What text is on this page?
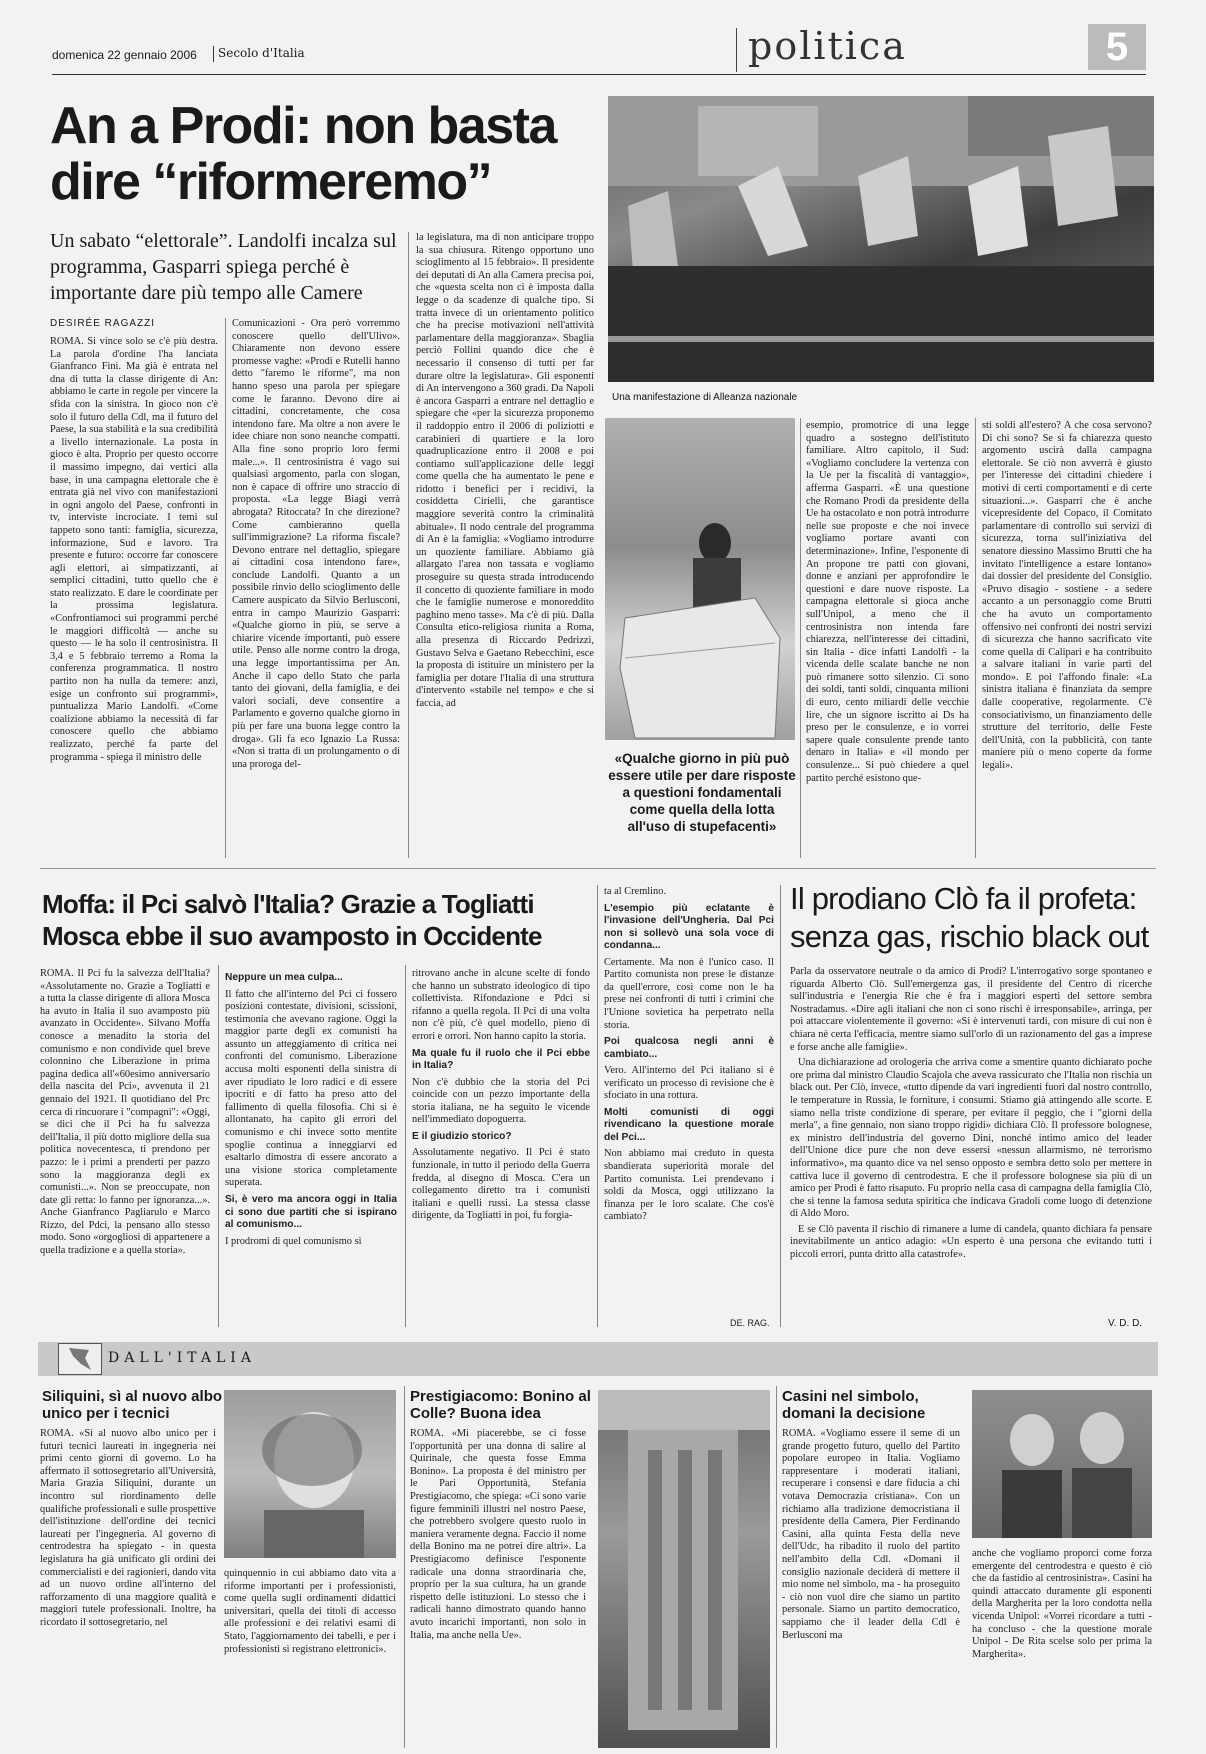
domenica 22 gennaio 2006 Secolo d'Italia	politica	5
An a Prodi: non basta
dire “riformeremo”
Un sabato “elettorale”. Landolfi incalza sul programma, Gasparri spiega perché è importante dare più tempo alle Camere
DESIRÉE RAGAZZI
ROMA. Si vince solo se c'è più destra. La parola d'ordine l'ha lanciata Gianfranco Fini. Ma già è entrata nel dna di tutta la classe dirigente di An: abbiamo le carte in regole per vincere la sfida con la sinistra. In gioco non c'è solo il futuro della Cdl, ma il futuro del Paese, la sua stabilità e la sua credibilità a livello internazionale. La posta in gioco è alta. Proprio per questo occorre il massimo impegno, dai vertici alla base, in una campagna elettorale che è entrata già nel vivo con manifestazioni in ogni angolo del Paese, confronti in tv, interviste incrociate. I temi sul tappeto sono tanti: famiglia, sicurezza, informazione, Sud e lavoro. Tra presente e futuro: occorre far conoscere agli elettori, ai simpatizzanti, ai semplici cittadini, tutto quello che è stato realizzato. E dare le coordinate per la prossima legislatura. «Confrontiamoci sui programmi perché le maggiori difficoltà — anche su questo — le ha solo il centrosinistra. Il 3,4 e 5 febbraio terremo a Roma la conferenza programmatica. Il nostro partito non ha nulla da temere: anzi, esige un confronto sui programmi», puntualizza Mario Landolfi. «Come coalizione abbiamo la necessità di far conoscere quello che abbiamo realizzato, perché fa parte del programma - spiega il ministro delle
Comunicazioni - Ora però vorremmo conoscere quello dell'Ulivo». Chiaramente non devono essere promesse vaghe: «Prodi e Rutelli hanno detto "faremo le riforme", ma non hanno speso una parola per spiegare come le faranno. Devono dire ai cittadini, concretamente, che cosa intendono fare. Ma oltre a non avere le idee chiare non sono neanche compatti. Alla fine sono proprio loro fermi male...». Il centrosinistra è vago sui qualsiasi argomento, parla con slogan, non è capace di offrire uno straccio di proposta. «La legge Biagi verrà abrogata? Ritoccata? In che direzione? Come cambieranno quella sull'immigrazione? La riforma fiscale? Devono entrare nel dettaglio, spiegare ai cittadini cosa intendono fare», conclude Landolfi. Quanto a un possibile rinvio dello scioglimento delle Camere auspicato da Silvio Berlusconi, entra in campo Maurizio Gasparri: «Qualche giorno in più, se serve a chiarire vicende importanti, può essere utile. Penso alle norme contro la droga, una legge importantissima per An. Anche il capo dello Stato che parla tanto dei giovani, della famiglia, e dei valori sociali, deve consentire a Parlamento e governo qualche giorno in più per fare una buona legge contro la droga». Gli fa eco Ignazio La Russa: «Non si tratta di un prolungamento o di una proroga del-
la legislatura, ma di non anticipare troppo la sua chiusura. Ritengo opportuno uno scioglimento al 15 febbraio». Il presidente dei deputati di An alla Camera precisa poi, che «questa scelta non ci è imposta dalla legge o da scadenze di qualche tipo. Si tratta invece di un orientamento politico che ha precise motivazioni nell'attività parlamentare della maggioranza». Sbaglia perciò Follini quando dice che è necessario il consenso di tutti per far durare oltre la legislatura». Gli esponenti di An intervengono a 360 gradi. Da Napoli è ancora Gasparri a entrare nel dettaglio e spiegare che «per la sicurezza proponemo il raddoppio entro il 2006 di poliziotti e carabinieri di quartiere e la loro quadruplicazione entro il 2008 e poi contiamo sull'applicazione delle leggi come quella che ha aumentato le pene e ridotto i benefici per i recidivi, la cosiddetta Cirielli, che garantisce maggiore severità contro la criminalità abituale». Il nodo centrale del programma di An è la famiglia: «Vogliamo introdurre un quoziente familiare. Abbiamo già allargato l'area non tassata e vogliamo proseguire su questa strada introducendo il concetto di quoziente familiare in modo che le famiglie numerose e monoreddito paghino meno tasse». Ma c'è di più. Dalla Consulta etico-religiosa riunita a Roma, alla presenza di Riccardo Pedrizzi, Gustavo Selva e Gaetano Rebecchini, esce la proposta di istituire un ministero per la famiglia per dotare l'Italia di una struttura d'intervento «stabile nel tempo» e che si faccia, ad
Una manifestazione di Alleanza nazionale
«Qualche giorno in più può essere utile per dare risposte a questioni fondamentali come quella della lotta all'uso di stupefacenti»
esempio, promotrice di una legge quadro a sostegno dell'istituto familiare. Altro capitolo, il Sud: «Vogliamo concludere la vertenza con la Ue per la fiscalità di vantaggio», afferma Gasparri. «È una questione che Romano Prodi da presidente della Ue ha ostacolato e non potrà introdurre nelle sue proposte e che noi invece vogliamo portare avanti con determinazione». Infine, l'esponente di An propone tre patti con giovani, donne e anziani per approfondire le questioni e dare nuove risposte. La campagna elettorale si gioca anche sull'Unipol, a meno che il centrosinistra non intenda fare chiarezza, nell'interesse dei cittadini, sin Italia - dice infatti Landolfi - la vicenda delle scalate banche ne non può rimanere sotto silenzio. Ci sono dei soldi, tanti soldi, cinquanta milioni di euro, cento miliardi delle vecchie lire, che un signore iscritto ai Ds ha preso per le consulenze, e io vorrei sapere quale consulente prende tanto denaro in Italia» e «il mondo per consulenze... Si può chiedere a quel partito perché esistono que-
sti soldi all'estero? A che cosa servono? Di chi sono? Se si fa chiarezza questo argomento uscirà dalla campagna elettorale. Se ciò non avverrà è giusto per l'interesse dei cittadini chiedere i motivi di certi comportamenti e di certe situazioni...». Gasparri che è anche vicepresidente del Copaco, il Comitato parlamentare di controllo sui servizi di sicurezza, torna sull'iniziativa del senatore diessino Massimo Brutti che ha invitato l'intelligence a estare lontano» dai dossier del presidente del Consiglio. «Pruvo disagio - sostiene - a sedere accanto a un personaggio come Brutti che ha avuto un comportamento offensivo nei confronti dei nostri servizi di sicurezza che hanno sacrificato vite come quella di Calipari e ha contribuito a salvare italiani in varie parti del mondo». E poi l'affondo finale: «La sinistra italiana è finanziata da sempre dalle cooperative, regolarmente. C'è consociativismo, un finanziamento delle strutture del territorio, delle Feste dell'Unità, con la pubblicità, con tante maniere più o meno coperte da forme legali».
Moffa: il Pci salvò l'Italia? Grazie a Togliatti
Mosca ebbe il suo avamposto in Occidente
ROMA. Il Pci fu la salvezza dell'Italia? «Assolutamente no. Grazie a Togliatti e a tutta la classe dirigente di allora Mosca ha avuto in Italia il suo avamposto più avanzato in Occidente». Silvano Moffa conosce a menadito la storia del comunismo e non condivide quel breve colonnino che Liberazione in prima pagina dedica all'«60esimo anniversario della nascita del Pci», avvenuta il 21 gennaio del 1921. Il quotidiano del Prc cerca di rincuorare i "compagni": «Oggi, se dici che il Pci ha fu salvezza dell'Italia, il più dotto migliore della sua politica novecentesca, ti prendono per pazzo: le i primi a prenderti per pazzo sono la maggioranza degli ex comunisti...». Non se preoccupate, non date gli retta: lo fanno per ignoranza...». Anche Gianfranco Pagliarulo e Marco Rizzo, del Pdci, la pensano allo stesso modo. Sono «orgogliosi di appartenere a quella tradizione e a quella storia».
Neppure un mea culpa...
Il fatto che all'interno del Pci ci fossero posizioni contestate, divisioni, scissioni, testimonia che avevano ragione. Oggi la maggior parte degli ex comunisti ha assunto un atteggiamento di critica nei confronti del comunismo. Liberazione accusa molti esponenti della sinistra di aver ripudiato le loro radici e di essere ipocriti e di fatto ha preso atto del fallimento di quella filosofia. Chi si è allontanato, ha capito gli errori del comunismo e chi invece sotto mentite spoglie continua a inneggiarvi ed esaltarlo dimostra di essere ancorato a una visione storica completamente superata.
Si, è vero ma ancora oggi in Italia ci sono due partiti che si ispirano al comunismo...
I prodromi di quel comunismo si
ritrovano anche in alcune scelte di fondo che hanno un substrato ideologico di tipo collettivista. Rifondazione e Pdci si rifanno a quella regola. Il Pci di una volta non c'è più, c'è quel modello, pieno di errori e orrori. Non hanno capito la storia.
Ma quale fu il ruolo che il Pci ebbe in Italia?
Non c'è dubbio che la storia del Pci coincide con un pezzo importante della storia italiana, ne ha seguito le vicende nell'immediato dopoguerra.
E il giudizio storico?
Assolutamente negativo. Il Pci è stato funzionale, in tutto il periodo della Guerra fredda, al disegno di Mosca. C'era un collegamento diretto tra i comunisti italiani e quelli russi. La stessa classe dirigente, da Togliatti in poi, fu forgia-
ta al Cremlino.
L'esempio più eclatante è l'invasione dell'Ungheria. Dal Pci non si sollevò una sola voce di condanna...
Certamente. Ma non è l'unico caso. Il Partito comunista non prese le distanze da quell'errore, così come non le ha prese nei confronti di tutti i crimini che l'Unione sovietica ha perpetrato nella storia.
Poi qualcosa negli anni è cambiato...
Vero. All'interno del Pci italiano si è verificato un processo di revisione che è sfociato in una rottura.
Molti comunisti di oggi rivendicano la questione morale del Pci...
Non abbiamo mai creduto in questa sbandierata superiorità morale del Partito comunista. Lei prendevano i soldi da Mosca, oggi utilizzano la finanza per le loro scalate. Che cos'è cambiato?
DE. RAG.
Il prodiano Clò fa il profeta:
senza gas, rischio black out

Parla da osservatore neutrale o da amico di Prodi? L'interrogativo sorge spontaneo e riguarda Alberto Clò. Sull'emergenza gas, il presidente del Centro di ricerche sull'industria e l'energia Rie che è fra i maggiori esperti del settore sembra Nostradamus. «Dire agli italiani che non ci sono rischi è irresponsabile», arringa, per poi attaccare violentemente il governo: «Si è intervenuti tardi, con misure di cui non è chiara nè certa l'efficacia, mentre siamo sull'orlo di un razionamento del gas a imprese e forse anche alle famiglie».

Una dichiarazione ad orologeria che arriva come a smentire quanto dichiarato poche ore prima dal ministro Claudio Scajola che aveva rassicurato che l'Italia non rischia un black out. Per Clò, invece, «tutto dipende da vari ingredienti fuori dal nostro controllo, le temperature in Russia, le forniture, i consumi. Stiamo già attingendo alle scorte. E siamo nella triste condizione di sperare, per evitare il peggio, che i "giorni della merla", a fine gennaio, non siano troppo rigidi» dichiara Clò. Il professore bolognese, ex ministro dell'industria del governo Dini, nonché intimo amico del leader dell'Unione dice pure che non deve essersi «nessun allarmismo, nè terrorismo informativo», ma quanto dice va nel senso opposto e sembra detto solo per mettere in cattiva luce il governo di centrodestra. E che il professore bolognese sia più di un amico per Prodi è fatto risaputo. Fu proprio nella casa di campagna della famiglia Clò, che si tenne la famosa seduta spiritica che indicava Gradoli come luogo di detenzione di Aldo Moro.

E se Clò paventa il rischio di rimanere a lume di candela, quanto dichiara fa pensare inevitabilmente un antico adagio: «Un esperto è una persona che evitando tutti i piccoli errori, punta dritto alla catastrofe».

V. D. D.
DALL'ITALIA
Siliquini, sì al nuovo albo unico per i tecnici
ROMA. «Sì al nuovo albo unico per i futuri tecnici laureati in ingegneria nei primi cento giorni di governo. Lo ha affermato il sottosegretario all'Università, Maria Grazia Siliquini, durante un incontro sul riordinamento delle qualifiche professionali e sulle prospettive dell'istituzione dell'ordine dei tecnici laureati per l'ingegneria. Al governo di centrodestra ha spiegato - in questa legislatura ha già unificato gli ordini dei commercialisti e dei ragionieri, dando vita ad un nuovo ordine all'interno del rafforzamento di una maggiore qualità e maggiori tutele professionali. Inoltre, ha ricordato il sottosegretario, nel
quinquennio in cui abbiamo dato vita a riforme importanti per i professionisti, come quella sugli ordinamenti didattici universitari, quella dei titoli di accesso alle professioni e dei relativi esami di Stato, l'aggiornamento dei tabelli, e per i professionisti si registrano elettronici».
Prestigiacomo: Bonino al Colle? Buona idea
ROMA. «Mi piacerebbe, se ci fosse l'opportunità per una donna di salire al Quirinale, che questa fosse Emma Bonino». La proposta è del ministro per le Pari Opportunità, Stefania Prestigiacomo, che spiega: «Ci sono varie figure femminili illustri nel nostro Paese, che potrebbero svolgere questo ruolo in maniera veramente degna. Faccio il nome della Bonino ma ne potrei dire altri». La Prestigiacomo definisce l'esponente radicale una donna straordinaria che, proprio per la sua cultura, ha un grande rispetto delle istituzioni. Lo stesso che i radicali hanno dimostrato quando hanno avuto incarichi importanti, non solo in Italia, ma anche nella Ue».
Casini nel simbolo, domani la decisione
ROMA. «Vogliamo essere il seme di un grande progetto futuro, quello del Partito popolare europeo in Italia. Vogliamo rappresentare i moderati italiani, recuperare i consensi e dare fiducia a chi votava Democrazia cristiana». Con un richiamo alla tradizione democristiana il presidente della Camera, Pier Ferdinando Casini, alla quinta Festa della neve dell'Udc, ha ribadito il ruolo del partito nell'ambito della Cdl. «Domani il consiglio nazionale deciderà di mettere il mio nome nel simbolo, ma - ha proseguito - ciò non vuol dire che siamo un partito personale. Siamo un partito democratico, sappiamo che il leader della Cdl è Berlusconi ma
anche che vogliamo proporci come forza emergente del centrodestra e questo è ciò che da fastidio al centrosinistra». Casini ha quindi attaccato duramente gli esponenti della Margherita per la loro condotta nella vicenda Unipol: «Vorrei ricordare a tutti - ha concluso - che la questione morale Unipol - De Rita scelse solo per prima la Margherita».
